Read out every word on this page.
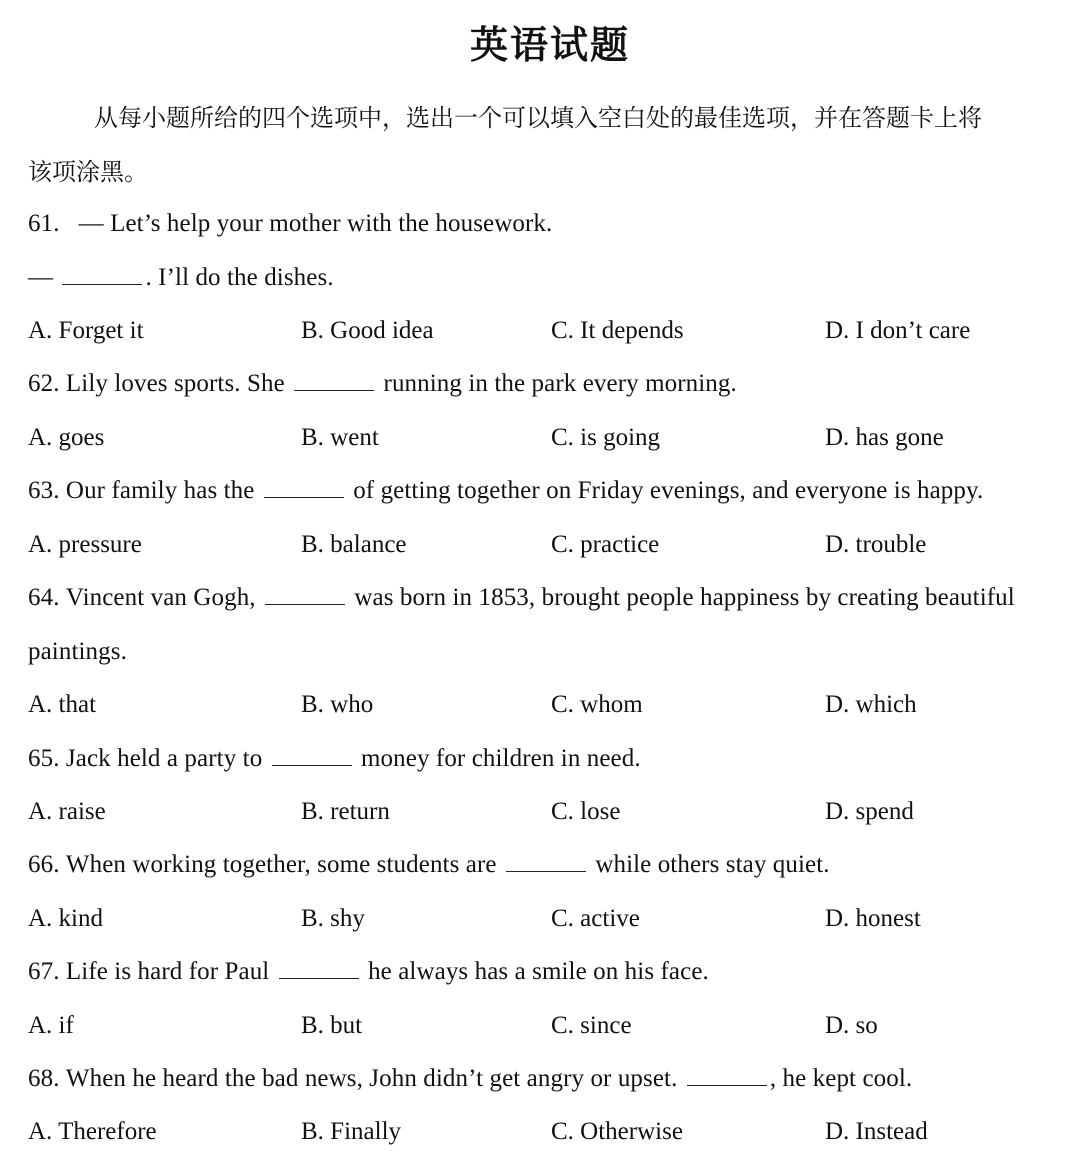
英语试题
从每小题所给的四个选项中，选出一个可以填入空白处的最佳选项，并在答题卡上将
该项涂黑。
61. — Let’s help your mother with the housework.
—	. I’ll do the dishes.
A. Forget it	B. Good idea	C. It depends	D. I don’t care
62. Lily loves sports. She	running in the park every morning.
A. goes	B. went	C. is going	D. has gone
63. Our family has the	of getting together on Friday evenings, and everyone is happy.
A. pressure	B. balance	C. practice	D. trouble
64. Vincent van Gogh,	was born in 1853, brought people happiness by creating beautiful
paintings.
A. that	B. who	C. whom	D. which
65. Jack held a party to	money for children in need.
A. raise	B. return	C. lose	D. spend
66. When working together, some students are	while others stay quiet.
A. kind	B. shy	C. active	D. honest
67. Life is hard for Paul	he always has a smile on his face.
A. if	B. but	C. since	D. so
68. When he heard the bad news, John didn’t get angry or upset.	, he kept cool.
A. Therefore	B. Finally	C. Otherwise	D. Instead
